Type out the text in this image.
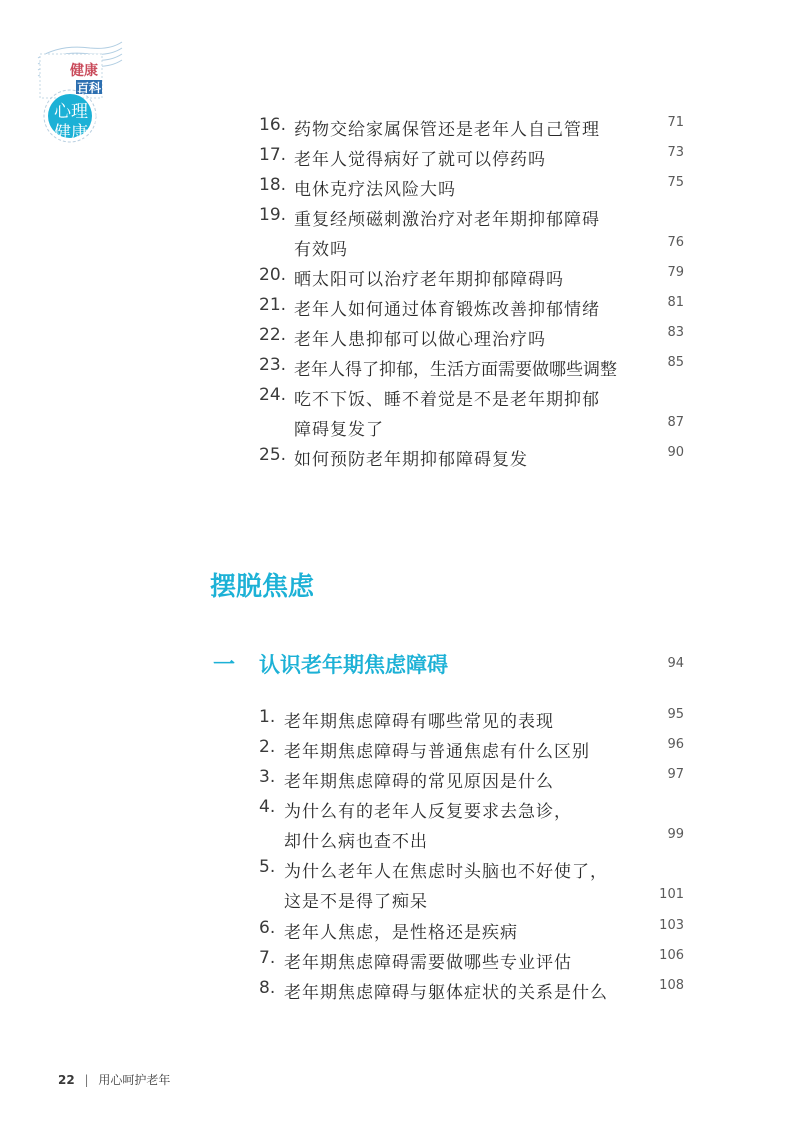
健康
百科
心理
健康
系列	16. 药物交给家属保管还是老年人自己管理	71
17. 老年人觉得病好了就可以停药吗	73
18. 电休克疗法风险大吗	75
19. 重复经颅磁刺激治疗对老年期抑郁障碍
有效吗	76
20. 晒太阳可以治疗老年期抑郁障碍吗	79
21. 老年人如何通过体育锻炼改善抑郁情绪	81
22. 老年人患抑郁可以做心理治疗吗	83
23. 老年人得了抑郁，生活方面需要做哪些调整	85
24. 吃不下饭、睡不着觉是不是老年期抑郁
障碍复发了	87
25. 如何预防老年期抑郁障碍复发	90
摆脱焦虑
一 认识老年期焦虑障碍	94
1. 老年期焦虑障碍有哪些常见的表现	95
2. 老年期焦虑障碍与普通焦虑有什么区别	96
3. 老年期焦虑障碍的常见原因是什么	97
4. 为什么有的老年人反复要求去急诊，
却什么病也查不出	99
5. 为什么老年人在焦虑时头脑也不好使了，
这是不是得了痴呆	101
6. 老年人焦虑，是性格还是疾病	103
7. 老年期焦虑障碍需要做哪些专业评估	106
8. 老年期焦虑障碍与躯体症状的关系是什么	108
22 | 用心呵护老年
